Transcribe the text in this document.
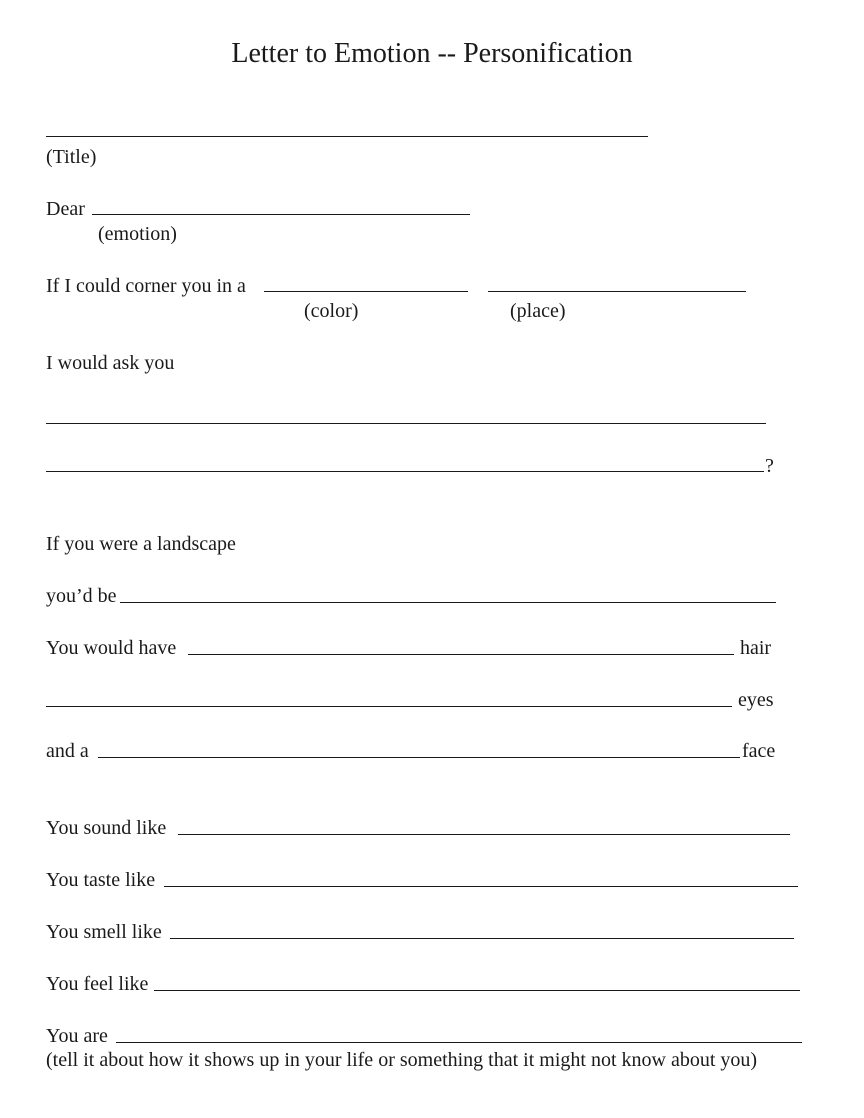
Letter to Emotion -- Personification
(Title)
Dear
(emotion)
If I could corner you in a
(color)	(place)
I would ask you
?
If you were a landscape
you’d be
You would have	hair
eyes
and a	face
You sound like
You taste like
You smell like
You feel like
You are
(tell it about how it shows up in your life or something that it might not know about you)
